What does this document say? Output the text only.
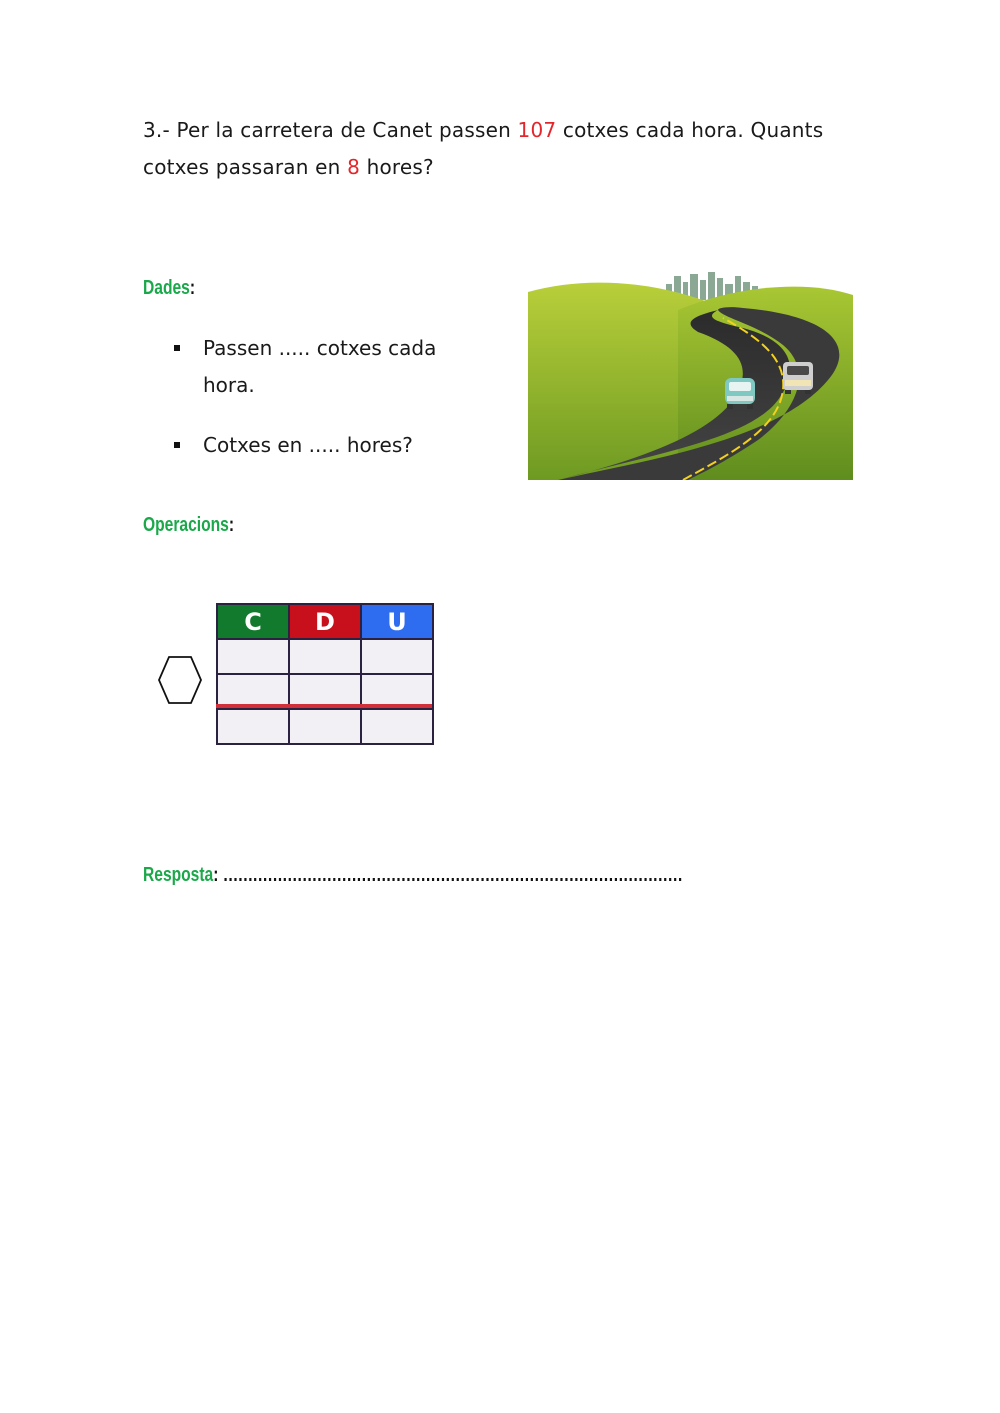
3.- Per la carretera de Canet passen 107 cotxes cada hora. Quants cotxes passaran en 8 hores?
Dades:
Passen ..... cotxes cada hora.
Cotxes en ..... hores?
Operacions:
C	D	U

Resposta: …………………………………………………………………………………
